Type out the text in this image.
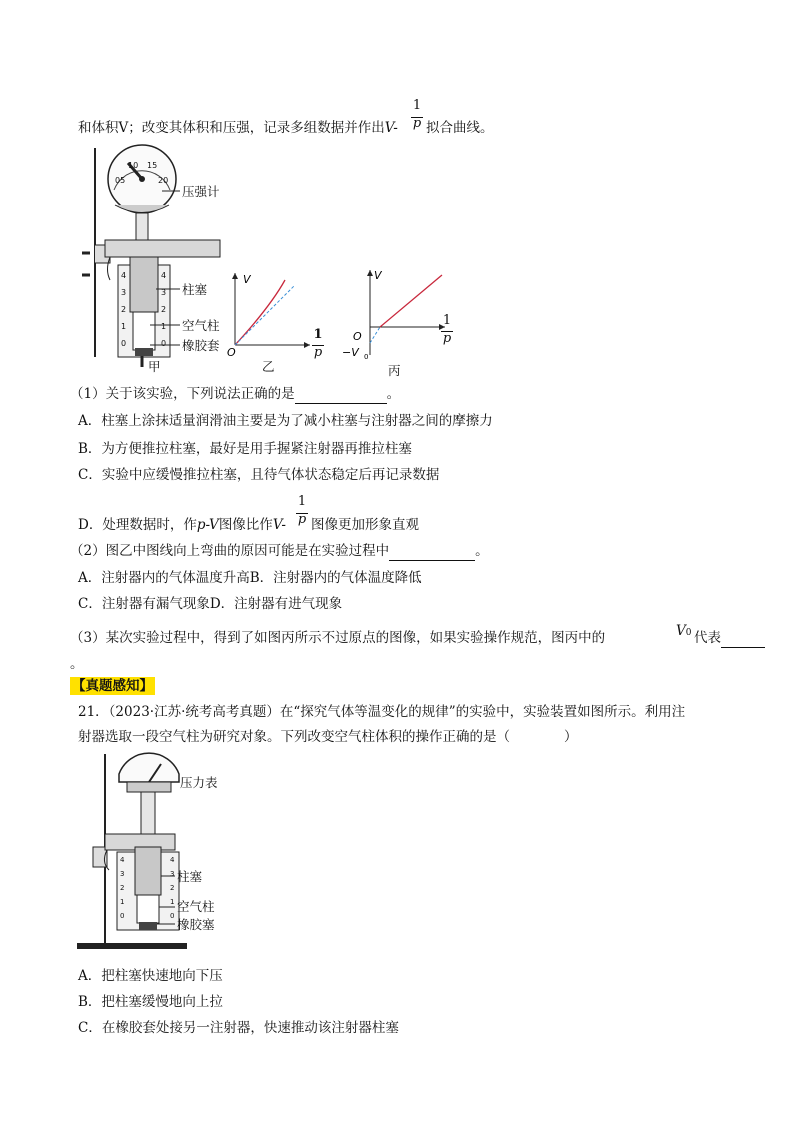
和体积V；改变其体积和压强，记录多组数据并作出V-
1
p 拟合曲线。
05
10 15
20
4
3
2
1
0
4
3
2
1
0
压强计
柱塞
空气柱
橡胶套
甲
V
O
1
p
乙
V
O
−V 0
1
p
丙
（1）关于该实验，下列说法正确的是	。
A．柱塞上涂抹适量润滑油主要是为了减小柱塞与注射器之间的摩擦力
B．为方便推拉柱塞，最好是用手握紧注射器再推拉柱塞
C．实验中应缓慢推拉柱塞，且待气体状态稳定后再记录数据
D．处理数据时，作p-V图像比作V-
1
p 图像更加形象直观
（2）图乙中图线向上弯曲的原因可能是在实验过程中	。
A．注射器内的气体温度升高B．注射器内的气体温度降低
C．注射器有漏气现象D．注射器有进气现象
（3）某次实验过程中，得到了如图丙所示不过原点的图像，如果实验操作规范，图丙中的	V0 代表
。
【真题感知】
21．（2023·江苏·统考高考真题）在“探究气体等温变化的规律”的实验中，实验装置如图所示。利用注
射器选取一段空气柱为研究对象。下列改变空气柱体积的操作正确的是（　　　　）
4
3
2
1
0
4
3
2
1
0
压力表
柱塞
空气柱
橡胶塞
A．把柱塞快速地向下压
B．把柱塞缓慢地向上拉
C．在橡胶套处接另一注射器，快速推动该注射器柱塞
